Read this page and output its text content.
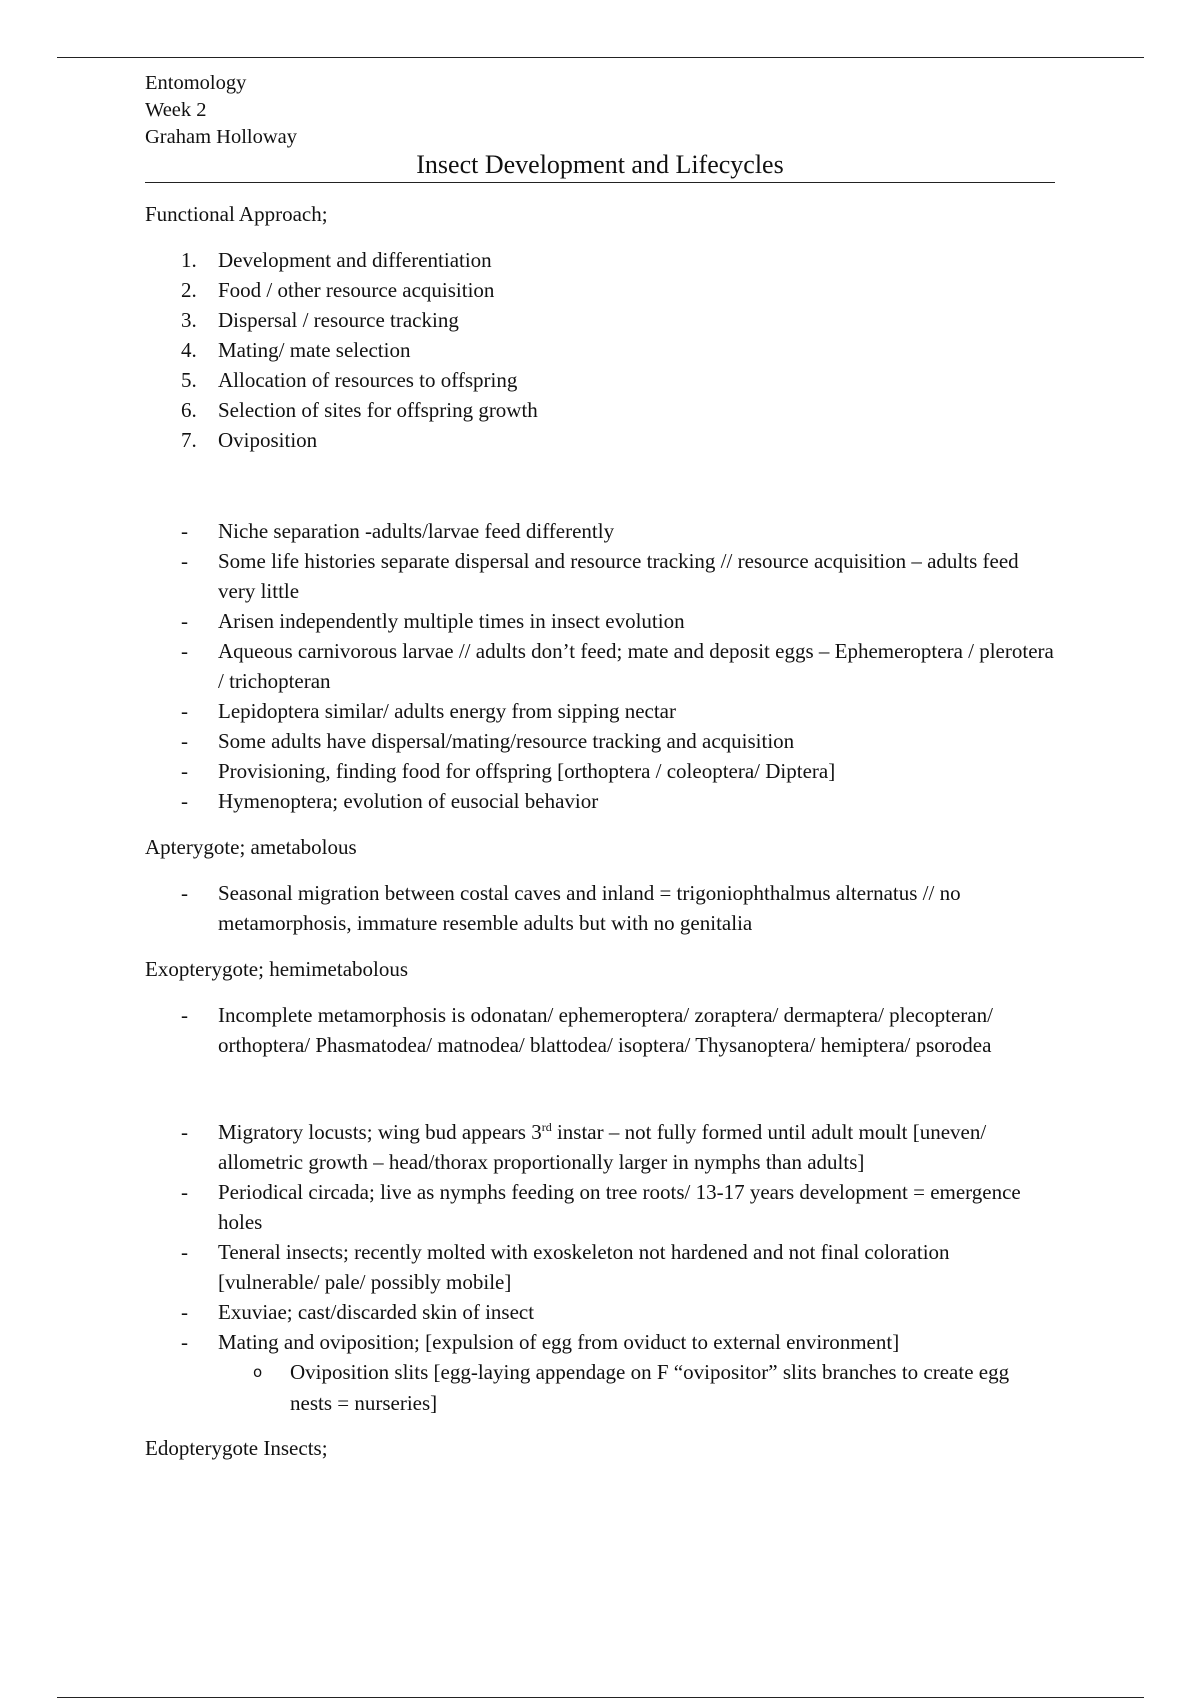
Entomology
Week 2
Graham Holloway
Insect Development and Lifecycles

Functional Approach;

1.	Development and differentiation
2.	Food / other resource acquisition
3.	Dispersal / resource tracking
4.	Mating/ mate selection
5.	Allocation of resources to offspring
6.	Selection of sites for offspring growth
7.	Oviposition
- Niche separation -adults/larvae feed differently
- Some life histories separate dispersal and resource tracking // resource acquisition – adults feed very little
- Arisen independently multiple times in insect evolution
- Aqueous carnivorous larvae // adults don’t feed; mate and deposit eggs – Ephemeroptera / plerotera / trichopteran
- Lepidoptera similar/ adults energy from sipping nectar
- Some adults have dispersal/mating/resource tracking and acquisition
- Provisioning, finding food for offspring [orthoptera / coleoptera/ Diptera]
- Hymenoptera; evolution of eusocial behavior

Apterygote; ametabolous

- Seasonal migration between costal caves and inland = trigoniophthalmus alternatus // no metamorphosis, immature resemble adults but with no genitalia

Exopterygote; hemimetabolous

- Incomplete metamorphosis is odonatan/ ephemeroptera/ zoraptera/ dermaptera/ plecopteran/ orthoptera/ Phasmatodea/ matnodea/ blattodea/ isoptera/ Thysanoptera/ hemiptera/ psorodea
- Migratory locusts; wing bud appears 3rd instar – not fully formed until adult moult [uneven/ allometric growth – head/thorax proportionally larger in nymphs than adults]
- Periodical circada; live as nymphs feeding on tree roots/ 13-17 years development = emergence holes
- Teneral insects; recently molted with exoskeleton not hardened and not final coloration [vulnerable/ pale/ possibly mobile]
- Exuviae; cast/discarded skin of insect
- Mating and oviposition; [expulsion of egg from oviduct to external environment]
o Oviposition slits [egg-laying appendage on F “ovipositor” slits branches to create egg nests = nurseries]

Edopterygote Insects;
